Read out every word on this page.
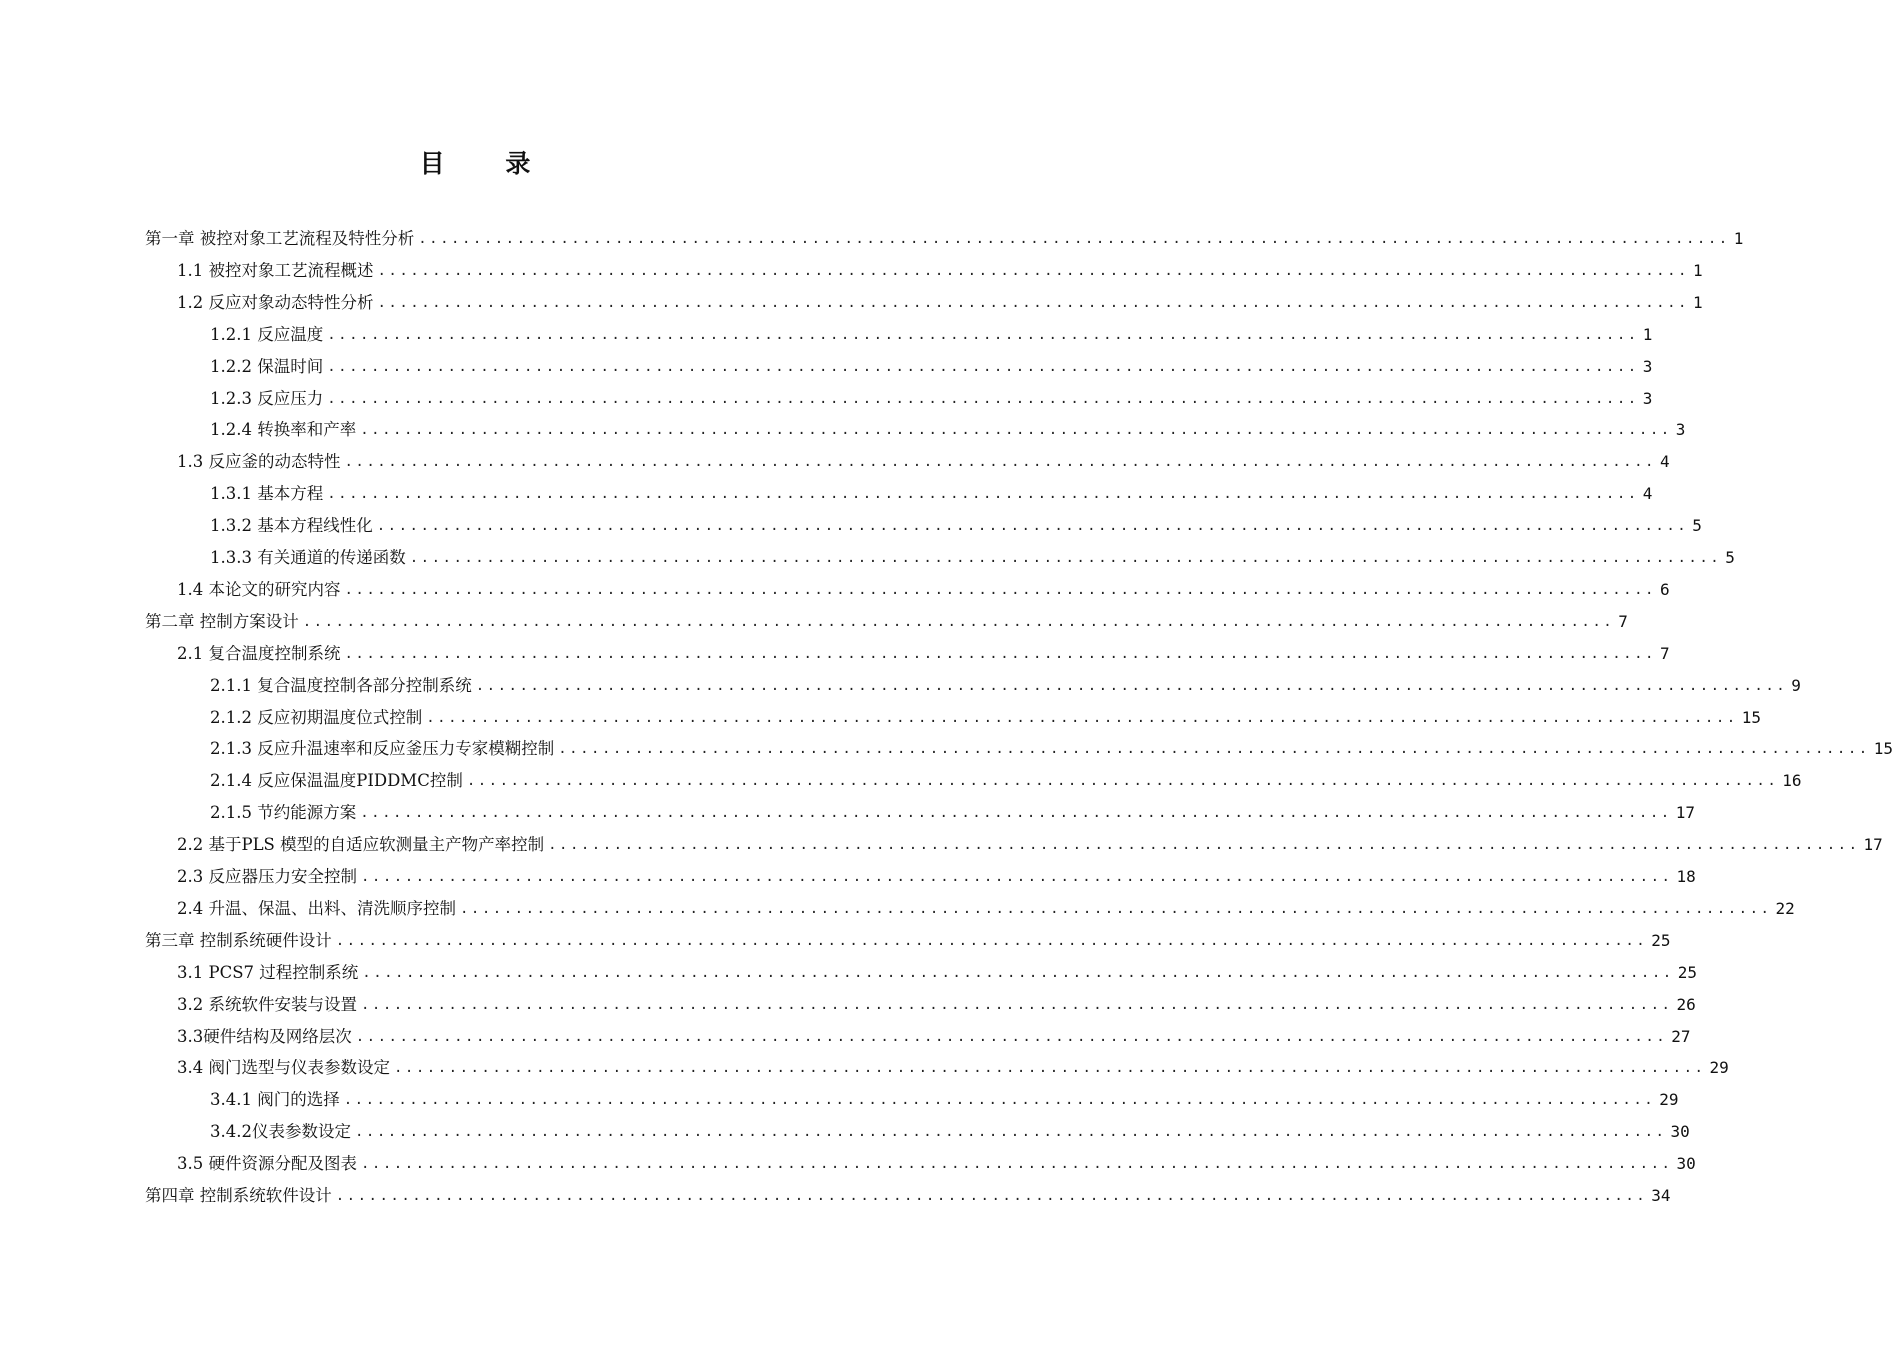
目 录
第一章 被控对象工艺流程及特性分析 ........................................................................................................................ 1
1.1 被控对象工艺流程概述 ........................................................................................................................ 1
1.2 反应对象动态特性分析 ........................................................................................................................ 1
1.2.1 反应温度 ........................................................................................................................ 1
1.2.2 保温时间 ........................................................................................................................ 3
1.2.3 反应压力 ........................................................................................................................ 3
1.2.4 转换率和产率 ........................................................................................................................ 3
1.3 反应釜的动态特性 ........................................................................................................................ 4
1.3.1 基本方程 ........................................................................................................................ 4
1.3.2 基本方程线性化 ........................................................................................................................ 5
1.3.3 有关通道的传递函数 ........................................................................................................................ 5
1.4 本论文的研究内容 ........................................................................................................................ 6
第二章 控制方案设计 ........................................................................................................................ 7
2.1 复合温度控制系统 ........................................................................................................................ 7
2.1.1 复合温度控制各部分控制系统 ........................................................................................................................ 9
2.1.2 反应初期温度位式控制 ........................................................................................................................ 15
2.1.3 反应升温速率和反应釜压力专家模糊控制 ........................................................................................................................ 15
2.1.4 反应保温温度PIDDMC控制 ........................................................................................................................ 16
2.1.5 节约能源方案 ........................................................................................................................ 17
2.2 基于PLS 模型的自适应软测量主产物产率控制 ........................................................................................................................ 17
2.3 反应器压力安全控制 ........................................................................................................................ 18
2.4 升温、保温、出料、清洗顺序控制 ........................................................................................................................ 22
第三章 控制系统硬件设计 ........................................................................................................................ 25
3.1 PCS7 过程控制系统 ........................................................................................................................ 25
3.2 系统软件安装与设置 ........................................................................................................................ 26
3.3硬件结构及网络层次 ........................................................................................................................ 27
3.4 阀门选型与仪表参数设定 ........................................................................................................................ 29
3.4.1 阀门的选择 ........................................................................................................................ 29
3.4.2仪表参数设定 ........................................................................................................................ 30
3.5 硬件资源分配及图表 ........................................................................................................................ 30
第四章 控制系统软件设计 ........................................................................................................................ 34
